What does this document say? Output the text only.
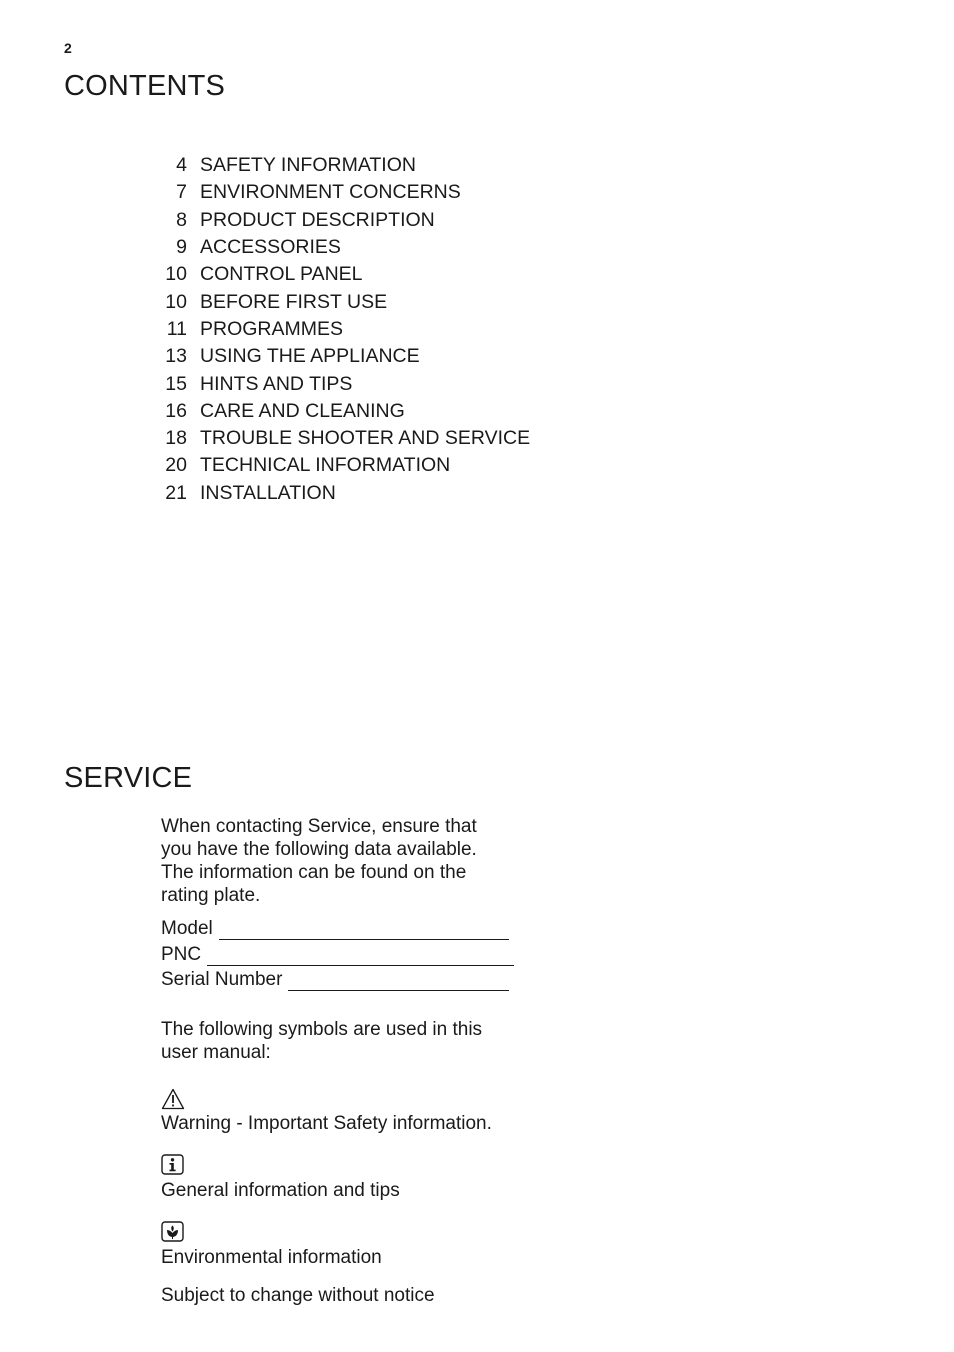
2
CONTENTS
4 SAFETY INFORMATION
7 ENVIRONMENT CONCERNS
8 PRODUCT DESCRIPTION
9 ACCESSORIES
10 CONTROL PANEL
10 BEFORE FIRST USE
11 PROGRAMMES
13 USING THE APPLIANCE
15 HINTS AND TIPS
16 CARE AND CLEANING
18 TROUBLE SHOOTER AND SERVICE
20 TECHNICAL INFORMATION
21 INSTALLATION
SERVICE

When contacting Service, ensure that

you have the following data available.

The information can be found on the

rating plate.

Model
PNC
Serial Number

The following symbols are used in this

user manual:

Warning - Important Safety information.
General information and tips
Environmental information
Subject to change without notice
